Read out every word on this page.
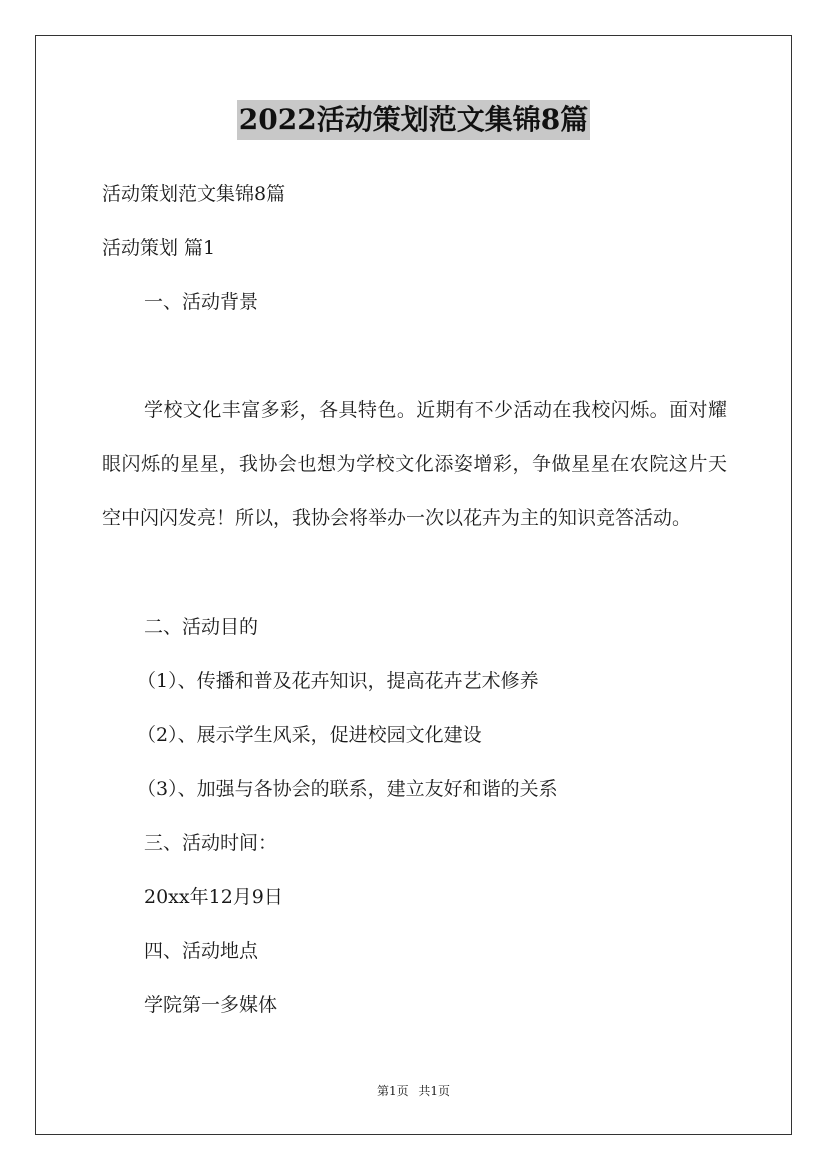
2022活动策划范文集锦8篇
活动策划范文集锦8篇
活动策划 篇1
一、活动背景
学校文化丰富多彩，各具特色。近期有不少活动在我校闪烁。面对耀眼闪烁的星星，我协会也想为学校文化添姿增彩，争做星星在农院这片天空中闪闪发亮！所以，我协会将举办一次以花卉为主的知识竞答活动。
二、活动目的
（1）、传播和普及花卉知识，提高花卉艺术修养
（2）、展示学生风采，促进校园文化建设
（3）、加强与各协会的联系，建立友好和谐的关系
三、活动时间：
20xx年12月9日
四、活动地点
学院第一多媒体
第1页 共1页
